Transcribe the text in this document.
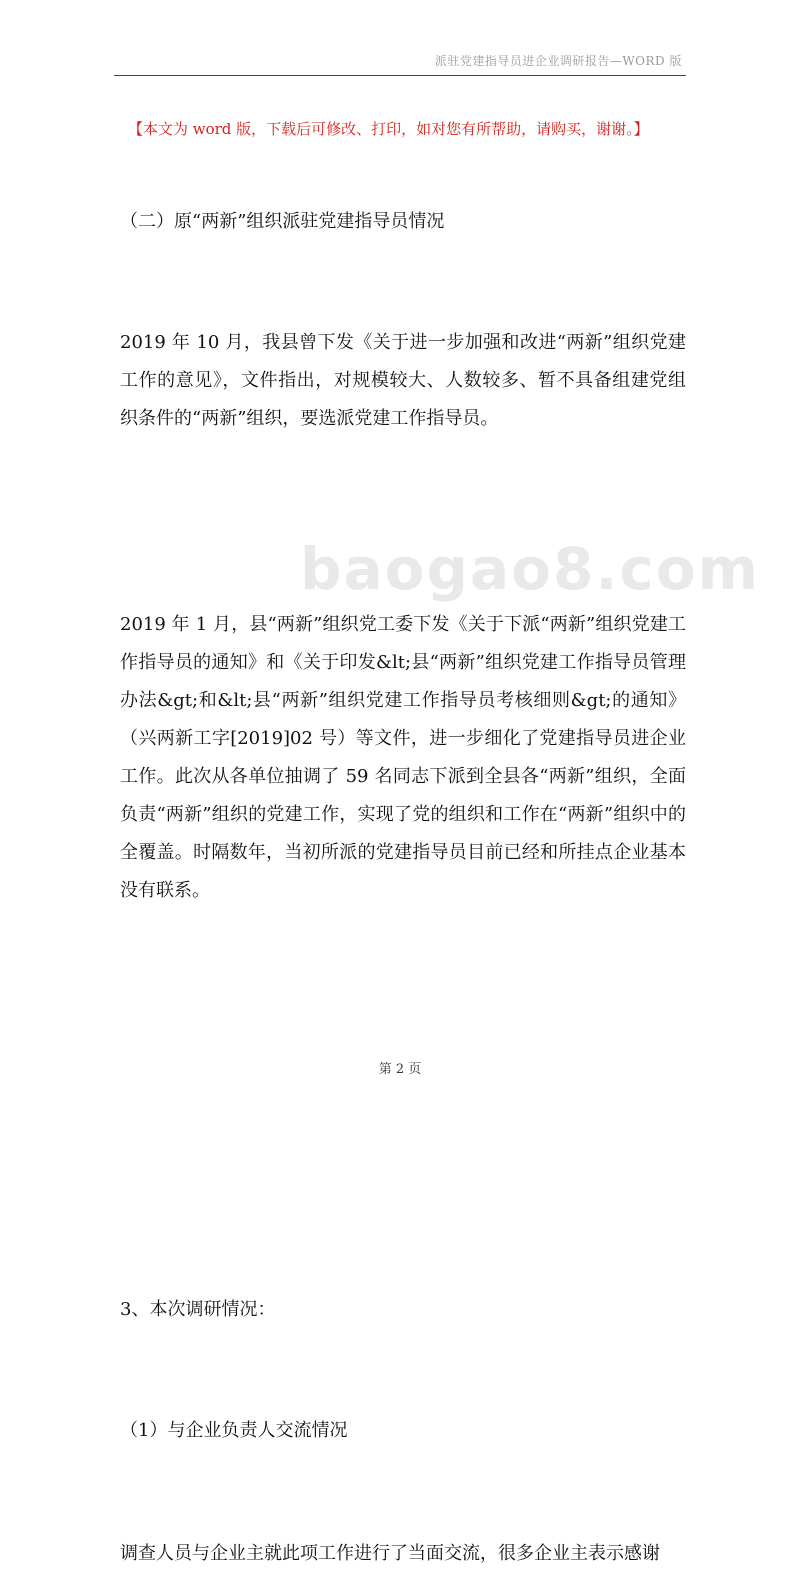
派驻党建指导员进企业调研报告—WORD 版
【本文为 word 版，下载后可修改、打印，如对您有所帮助，请购买，谢谢。】
baogao8.com

（二）原“两新”组织派驻党建指导员情况

2019 年 10 月，我县曾下发《关于进一步加强和改进“两新”组织党建工作的意见》，文件指出，对规模较大、人数较多、暂不具备组建党组织条件的“两新”组织，要选派党建工作指导员。

2019 年 1 月，县“两新”组织党工委下发《关于下派“两新”组织党建工作指导员的通知》和《关于印发&lt;县“两新”组织党建工作指导员管理办法&gt;和&lt;县“两新”组织党建工作指导员考核细则&gt;的通知》（兴两新工字[2019]02 号）等文件，进一步细化了党建指导员进企业工作。此次从各单位抽调了 59 名同志下派到全县各“两新”组织，全面负责“两新”组织的党建工作，实现了党的组织和工作在“两新”组织中的全覆盖。时隔数年，当初所派的党建指导员目前已经和所挂点企业基本没有联系。

3、本次调研情况：

（1）与企业负责人交流情况

调查人员与企业主就此项工作进行了当面交流，很多企业主表示感谢

第 2 页
